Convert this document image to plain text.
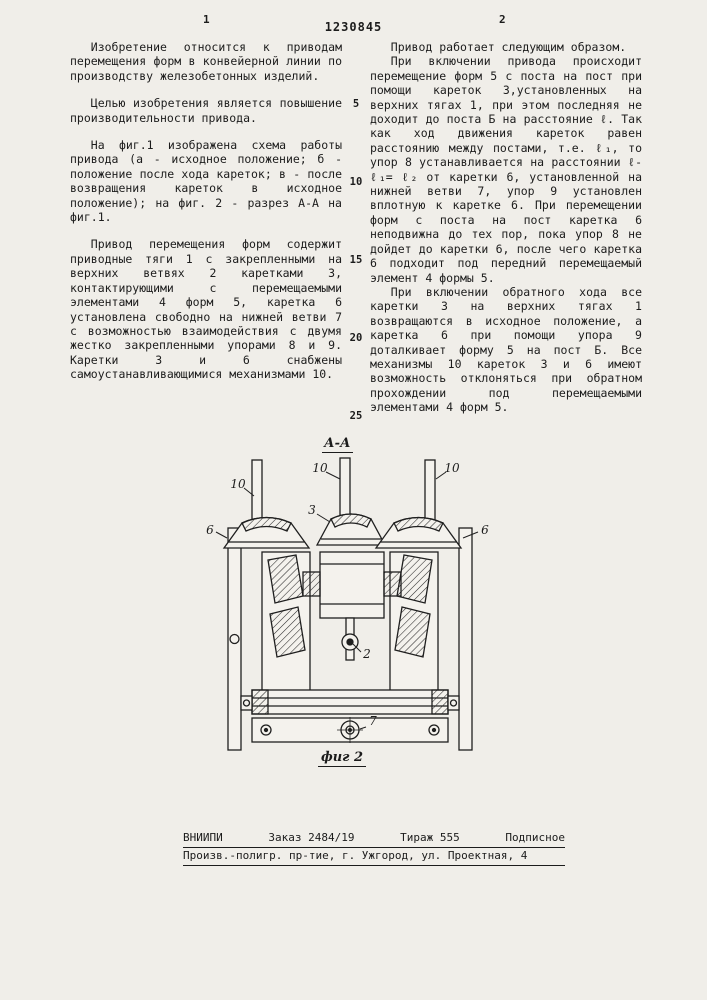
1
1230845
2

Изобретение относится к приводам перемещения форм в конвейерной линии по производству железобетонных изделий.

Целью изобретения является повышение производительности привода.

На фиг.1 изображена схема работы привода (а - исходное положение; б - положение после хода кареток; в - после возвращения кареток в исходное положение); на фиг. 2 - разрез А-А на фиг.1.

Привод перемещения форм содержит приводные тяги 1 с закрепленными на верхних ветвях 2 каретками 3, контактирующими с перемещаемыми элементами 4 форм 5, каретка 6 установлена свободно на нижней ветви 7 с возможностью взаимодействия с двумя жестко закрепленными упорами 8 и 9. Каретки 3 и 6 снабжены самоустанавливающимися механизмами 10.

Привод работает следующим образом.

При включении привода происходит перемещение форм 5 с поста на пост при помощи кареток 3,установленных на верхних тягах 1, при этом последняя не доходит до поста Б на расстояние ℓ. Так как ход движения кареток равен расстоянию между постами, т.е. ℓ₁, то упор 8 устанавливается на расстоянии ℓ-ℓ₁= ℓ₂ от каретки 6, установленной на нижней ветви 7, упор 9 установлен вплотную к каретке 6. При перемещении форм с поста на пост каретка 6 неподвижна до тех пор, пока упор 8 не дойдет до каретки 6, после чего каретка 6 подходит под передний перемещаемый элемент 4 формы 5.

При включении обратного хода все каретки 3 на верхних тягах 1 возвращаются в исходное положение, а каретка 6 при помощи упора 9 доталкивает форму 5 на пост Б. Все механизмы 10 кареток 3 и 6 имеют возможность отклоняться при обратном прохождении под перемещаемыми элементами 4 форм 5.

5
10
15
20
25
А-А
10
10	10
6
3
6
2
7
фиг 2
ВНИИПИ	Заказ 2484/19	Тираж 555	Подписное
Произв.-полигр. пр-тие, г. Ужгород, ул. Проектная, 4
